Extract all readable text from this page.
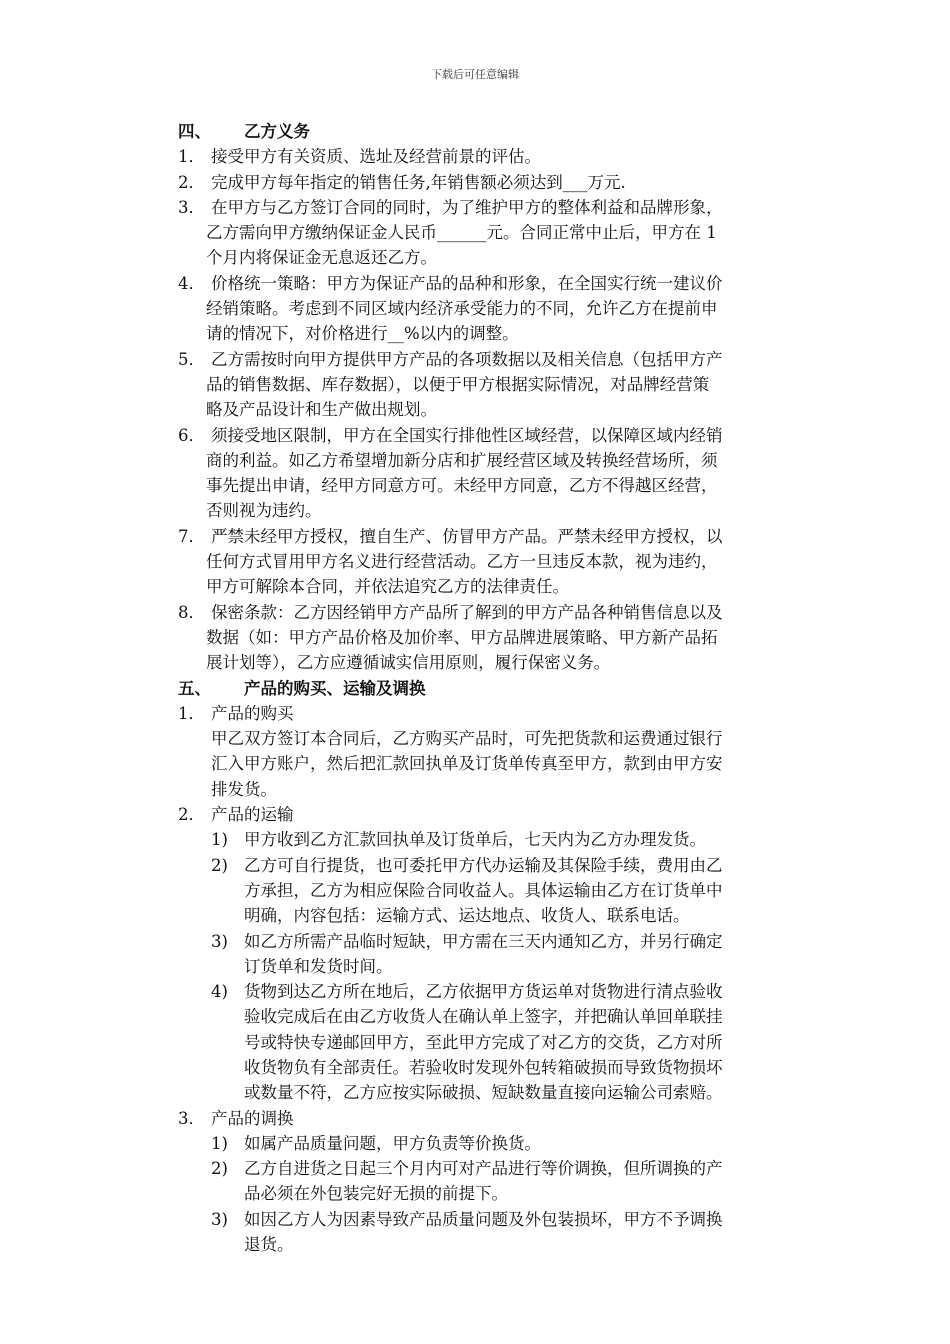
下载后可任意编辑
四、 乙方义务
1． 接受甲方有关资质、选址及经营前景的评估。
2． 完成甲方每年指定的销售任务,年销售额必须达到___万元.
3． 在甲方与乙方签订合同的同时，为了维护甲方的整体利益和品牌形象，
乙方需向甲方缴纳保证金人民币______元。合同正常中止后，甲方在 1
个月内将保证金无息返还乙方。
4． 价格统一策略：甲方为保证产品的品种和形象，在全国实行统一建议价
经销策略。考虑到不同区域内经济承受能力的不同，允许乙方在提前申
请的情况下，对价格进行__%以内的调整。
5． 乙方需按时向甲方提供甲方产品的各项数据以及相关信息（包括甲方产
品的销售数据、库存数据），以便于甲方根据实际情况，对品牌经营策
略及产品设计和生产做出规划。
6． 须接受地区限制，甲方在全国实行排他性区域经营，以保障区域内经销
商的利益。如乙方希望增加新分店和扩展经营区域及转换经营场所，须
事先提出申请，经甲方同意方可。未经甲方同意，乙方不得越区经营，
否则视为违约。
7． 严禁未经甲方授权，擅自生产、仿冒甲方产品。严禁未经甲方授权，以
任何方式冒用甲方名义进行经营活动。乙方一旦违反本款，视为违约，
甲方可解除本合同，并依法追究乙方的法律责任。
8． 保密条款：乙方因经销甲方产品所了解到的甲方产品各种销售信息以及
数据（如：甲方产品价格及加价率、甲方品牌进展策略、甲方新产品拓
展计划等），乙方应遵循诚实信用原则，履行保密义务。
五、 产品的购买、运输及调换
1． 产品的购买
甲乙双方签订本合同后，乙方购买产品时，可先把货款和运费通过银行
汇入甲方账户，然后把汇款回执单及订货单传真至甲方，款到由甲方安
排发货。
2． 产品的运输
1) 甲方收到乙方汇款回执单及订货单后，七天内为乙方办理发货。
2) 乙方可自行提货，也可委托甲方代办运输及其保险手续，费用由乙
方承担，乙方为相应保险合同收益人。具体运输由乙方在订货单中
明确，内容包括：运输方式、运达地点、收货人、联系电话。
3) 如乙方所需产品临时短缺，甲方需在三天内通知乙方，并另行确定
订货单和发货时间。
4) 货物到达乙方所在地后，乙方依据甲方货运单对货物进行清点验收
验收完成后在由乙方收货人在确认单上签字，并把确认单回单联挂
号或特快专递邮回甲方，至此甲方完成了对乙方的交货，乙方对所
收货物负有全部责任。若验收时发现外包转箱破损而导致货物损坏
或数量不符，乙方应按实际破损、短缺数量直接向运输公司索赔。
3． 产品的调换
1) 如属产品质量问题，甲方负责等价换货。
2) 乙方自进货之日起三个月内可对产品进行等价调换，但所调换的产
品必须在外包装完好无损的前提下。
3) 如因乙方人为因素导致产品质量问题及外包装损坏，甲方不予调换
退货。
